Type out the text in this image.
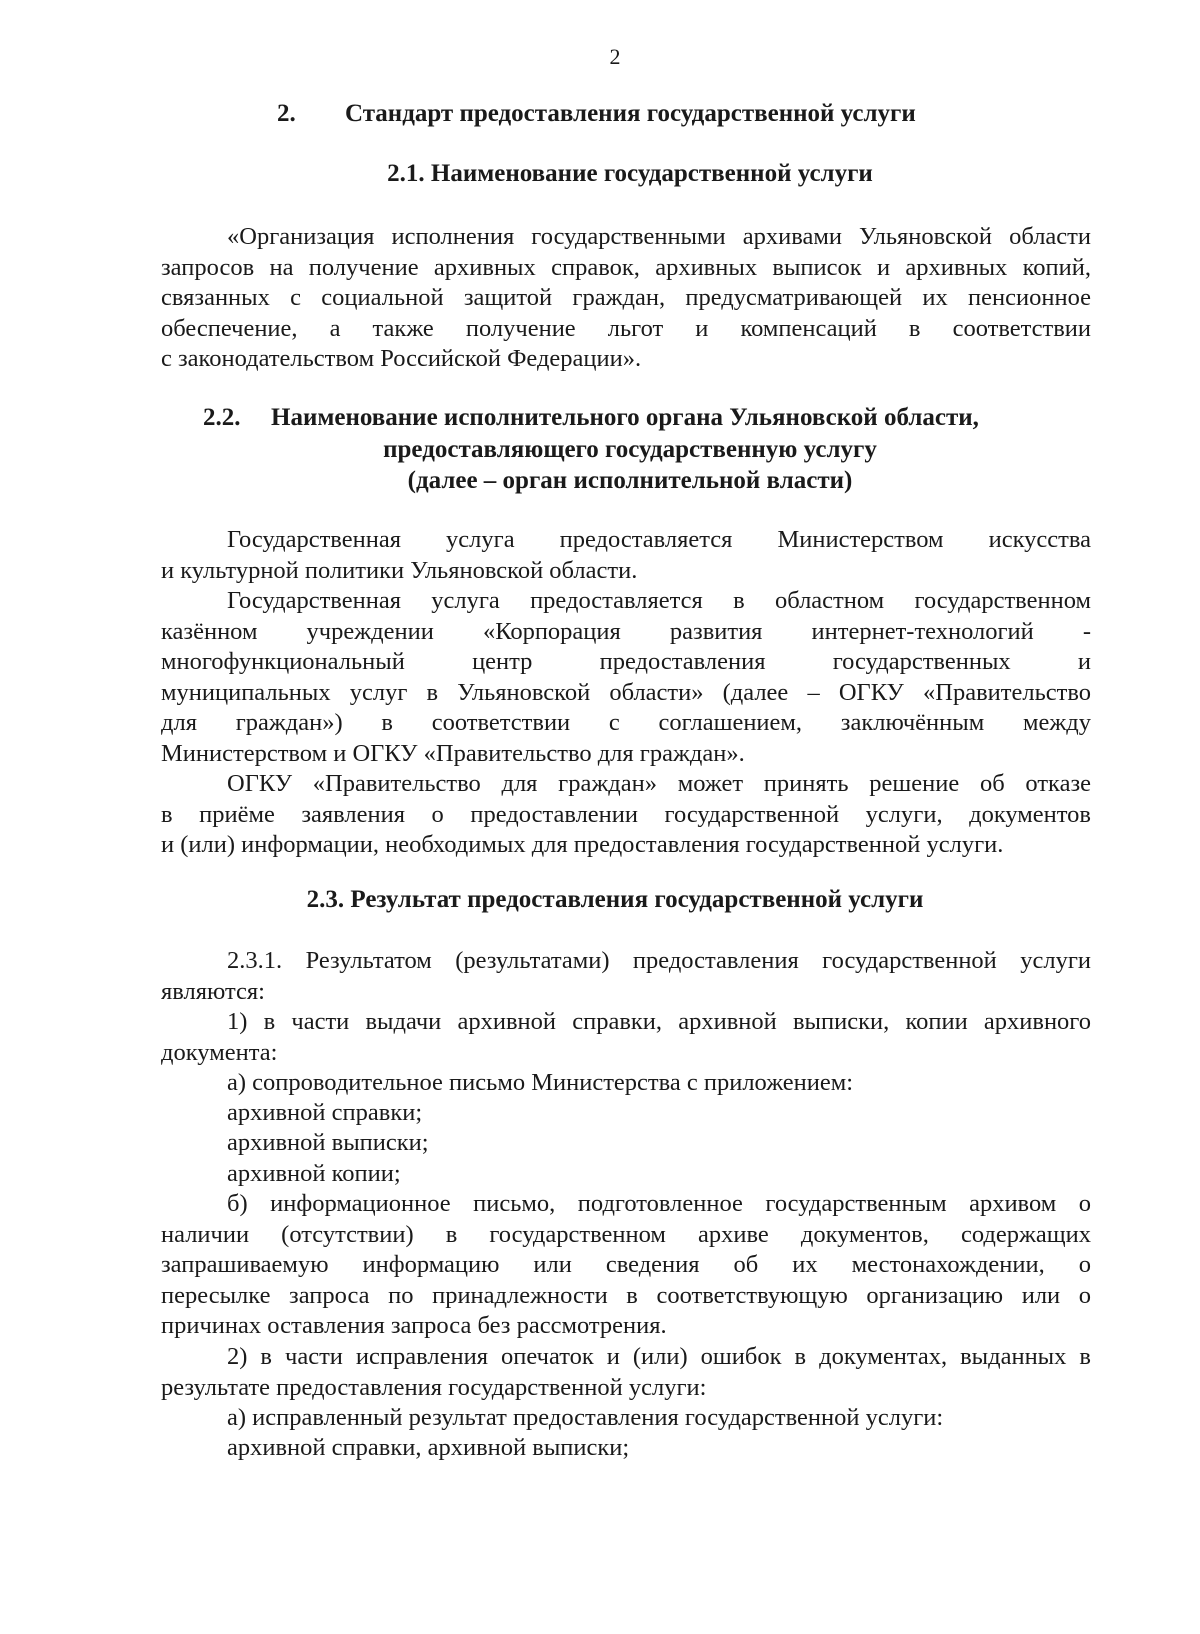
2
2. Стандарт предоставления государственной услуги
2.1. Наименование государственной услуги
«Организация исполнения государственными архивами Ульяновской области
запросов на получение архивных справок, архивных выписок и архивных копий,
связанных с социальной защитой граждан, предусматривающей их пенсионное
обеспечение, а также получение льгот и компенсаций в соответствии
с законодательством Российской Федерации».
2.2. Наименование исполнительного органа Ульяновской области,
предоставляющего государственную услугу
(далее – орган исполнительной власти)
Государственная услуга предоставляется Министерством искусства
и культурной политики Ульяновской области.
Государственная услуга предоставляется в областном государственном
казённом учреждении «Корпорация развития интернет-технологий -
многофункциональный центр предоставления государственных и
муниципальных услуг в Ульяновской области» (далее – ОГКУ «Правительство
для граждан») в соответствии с соглашением, заключённым между
Министерством и ОГКУ «Правительство для граждан».
ОГКУ «Правительство для граждан» может принять решение об отказе
в приёме заявления о предоставлении государственной услуги, документов
и (или) информации, необходимых для предоставления государственной услуги.
2.3. Результат предоставления государственной услуги
2.3.1. Результатом (результатами) предоставления государственной услуги
являются:
1) в части выдачи архивной справки, архивной выписки, копии архивного
документа:
а) сопроводительное письмо Министерства с приложением:
архивной справки;
архивной выписки;
архивной копии;
б) информационное письмо, подготовленное государственным архивом о
наличии (отсутствии) в государственном архиве документов, содержащих
запрашиваемую информацию или сведения об их местонахождении, о
пересылке запроса по принадлежности в соответствующую организацию или о
причинах оставления запроса без рассмотрения.
2) в части исправления опечаток и (или) ошибок в документах, выданных в
результате предоставления государственной услуги:
а) исправленный результат предоставления государственной услуги:
архивной справки, архивной выписки;
